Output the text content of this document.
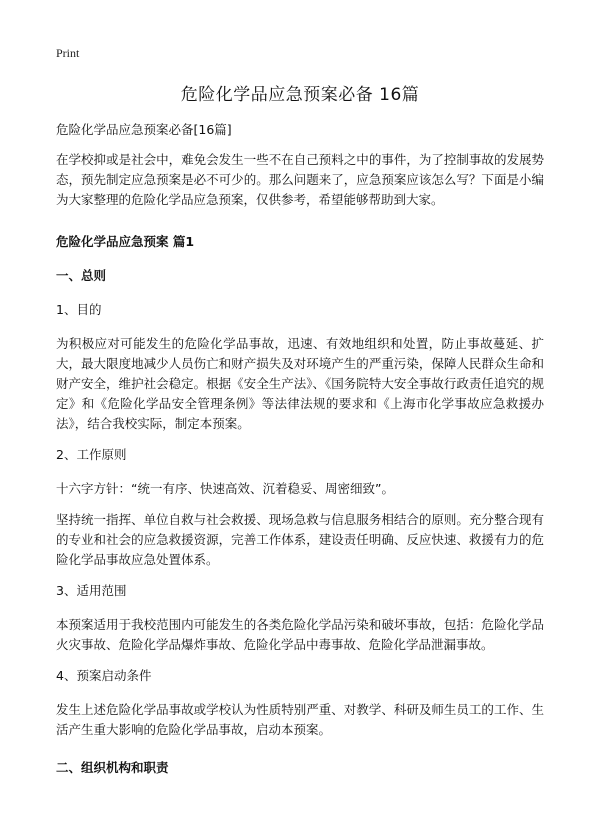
Print
危险化学品应急预案必备 16篇

危险化学品应急预案必备[16篇]

在学校抑或是社会中，难免会发生一些不在自己预料之中的事件，为了控制事故的发展势态，预先制定应急预案是必不可少的。那么问题来了，应急预案应该怎么写？下面是小编为大家整理的危险化学品应急预案，仅供参考，希望能够帮助到大家。

危险化学品应急预案 篇1
一、总则
1、目的

为积极应对可能发生的危险化学品事故，迅速、有效地组织和处置，防止事故蔓延、扩大，最大限度地减少人员伤亡和财产损失及对环境产生的严重污染，保障人民群众生命和财产安全，维护社会稳定。根据《安全生产法》、《国务院特大安全事故行政责任追究的规定》和《危险化学品安全管理条例》等法律法规的要求和《上海市化学事故应急救援办法》，结合我校实际，制定本预案。

2、工作原则

十六字方针：“统一有序、快速高效、沉着稳妥、周密细致”。

坚持统一指挥、单位自救与社会救援、现场急救与信息服务相结合的原则。充分整合现有的专业和社会的应急救援资源，完善工作体系，建设责任明确、反应快速、救援有力的危险化学品事故应急处置体系。

3、适用范围

本预案适用于我校范围内可能发生的各类危险化学品污染和破坏事故，包括：危险化学品火灾事故、危险化学品爆炸事故、危险化学品中毒事故、危险化学品泄漏事故。

4、预案启动条件

发生上述危险化学品事故或学校认为性质特别严重、对教学、科研及师生员工的工作、生活产生重大影响的危险化学品事故，启动本预案。

二、组织机构和职责
